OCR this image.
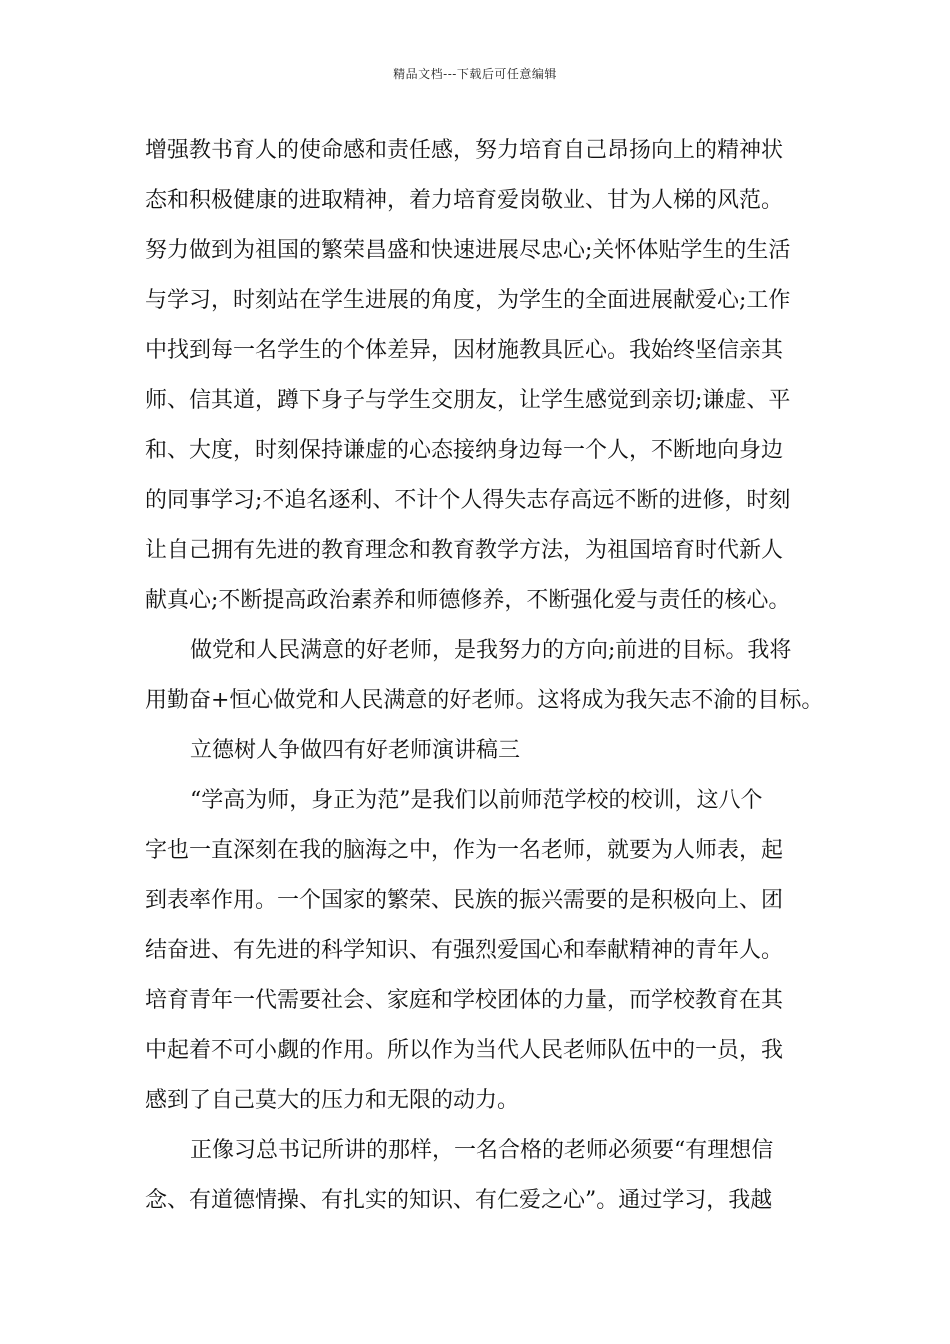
精品文档---下载后可任意编辑
增强教书育人的使命感和责任感，努力培育自己昂扬向上的精神状
态和积极健康的进取精神，着力培育爱岗敬业、甘为人梯的风范。
努力做到为祖国的繁荣昌盛和快速进展尽忠心;关怀体贴学生的生活
与学习，时刻站在学生进展的角度，为学生的全面进展献爱心;工作
中找到每一名学生的个体差异，因材施教具匠心。我始终坚信亲其
师、信其道，蹲下身子与学生交朋友，让学生感觉到亲切;谦虚、平
和、大度，时刻保持谦虚的心态接纳身边每一个人，不断地向身边
的同事学习;不追名逐利、不计个人得失志存高远不断的进修，时刻
让自己拥有先进的教育理念和教育教学方法，为祖国培育时代新人
献真心;不断提高政治素养和师德修养，不断强化爱与责任的核心。
做党和人民满意的好老师，是我努力的方向;前进的目标。我将
用勤奋+恒心做党和人民满意的好老师。这将成为我矢志不渝的目标。
立德树人争做四有好老师演讲稿三
“学高为师，身正为范”是我们以前师范学校的校训，这八个
字也一直深刻在我的脑海之中，作为一名老师，就要为人师表，起
到表率作用。一个国家的繁荣、民族的振兴需要的是积极向上、团
结奋进、有先进的科学知识、有强烈爱国心和奉献精神的青年人。
培育青年一代需要社会、家庭和学校团体的力量，而学校教育在其
中起着不可小觑的作用。所以作为当代人民老师队伍中的一员，我
感到了自己莫大的压力和无限的动力。
正像习总书记所讲的那样，一名合格的老师必须要“有理想信
念、有道德情操、有扎实的知识、有仁爱之心”。通过学习，我越
